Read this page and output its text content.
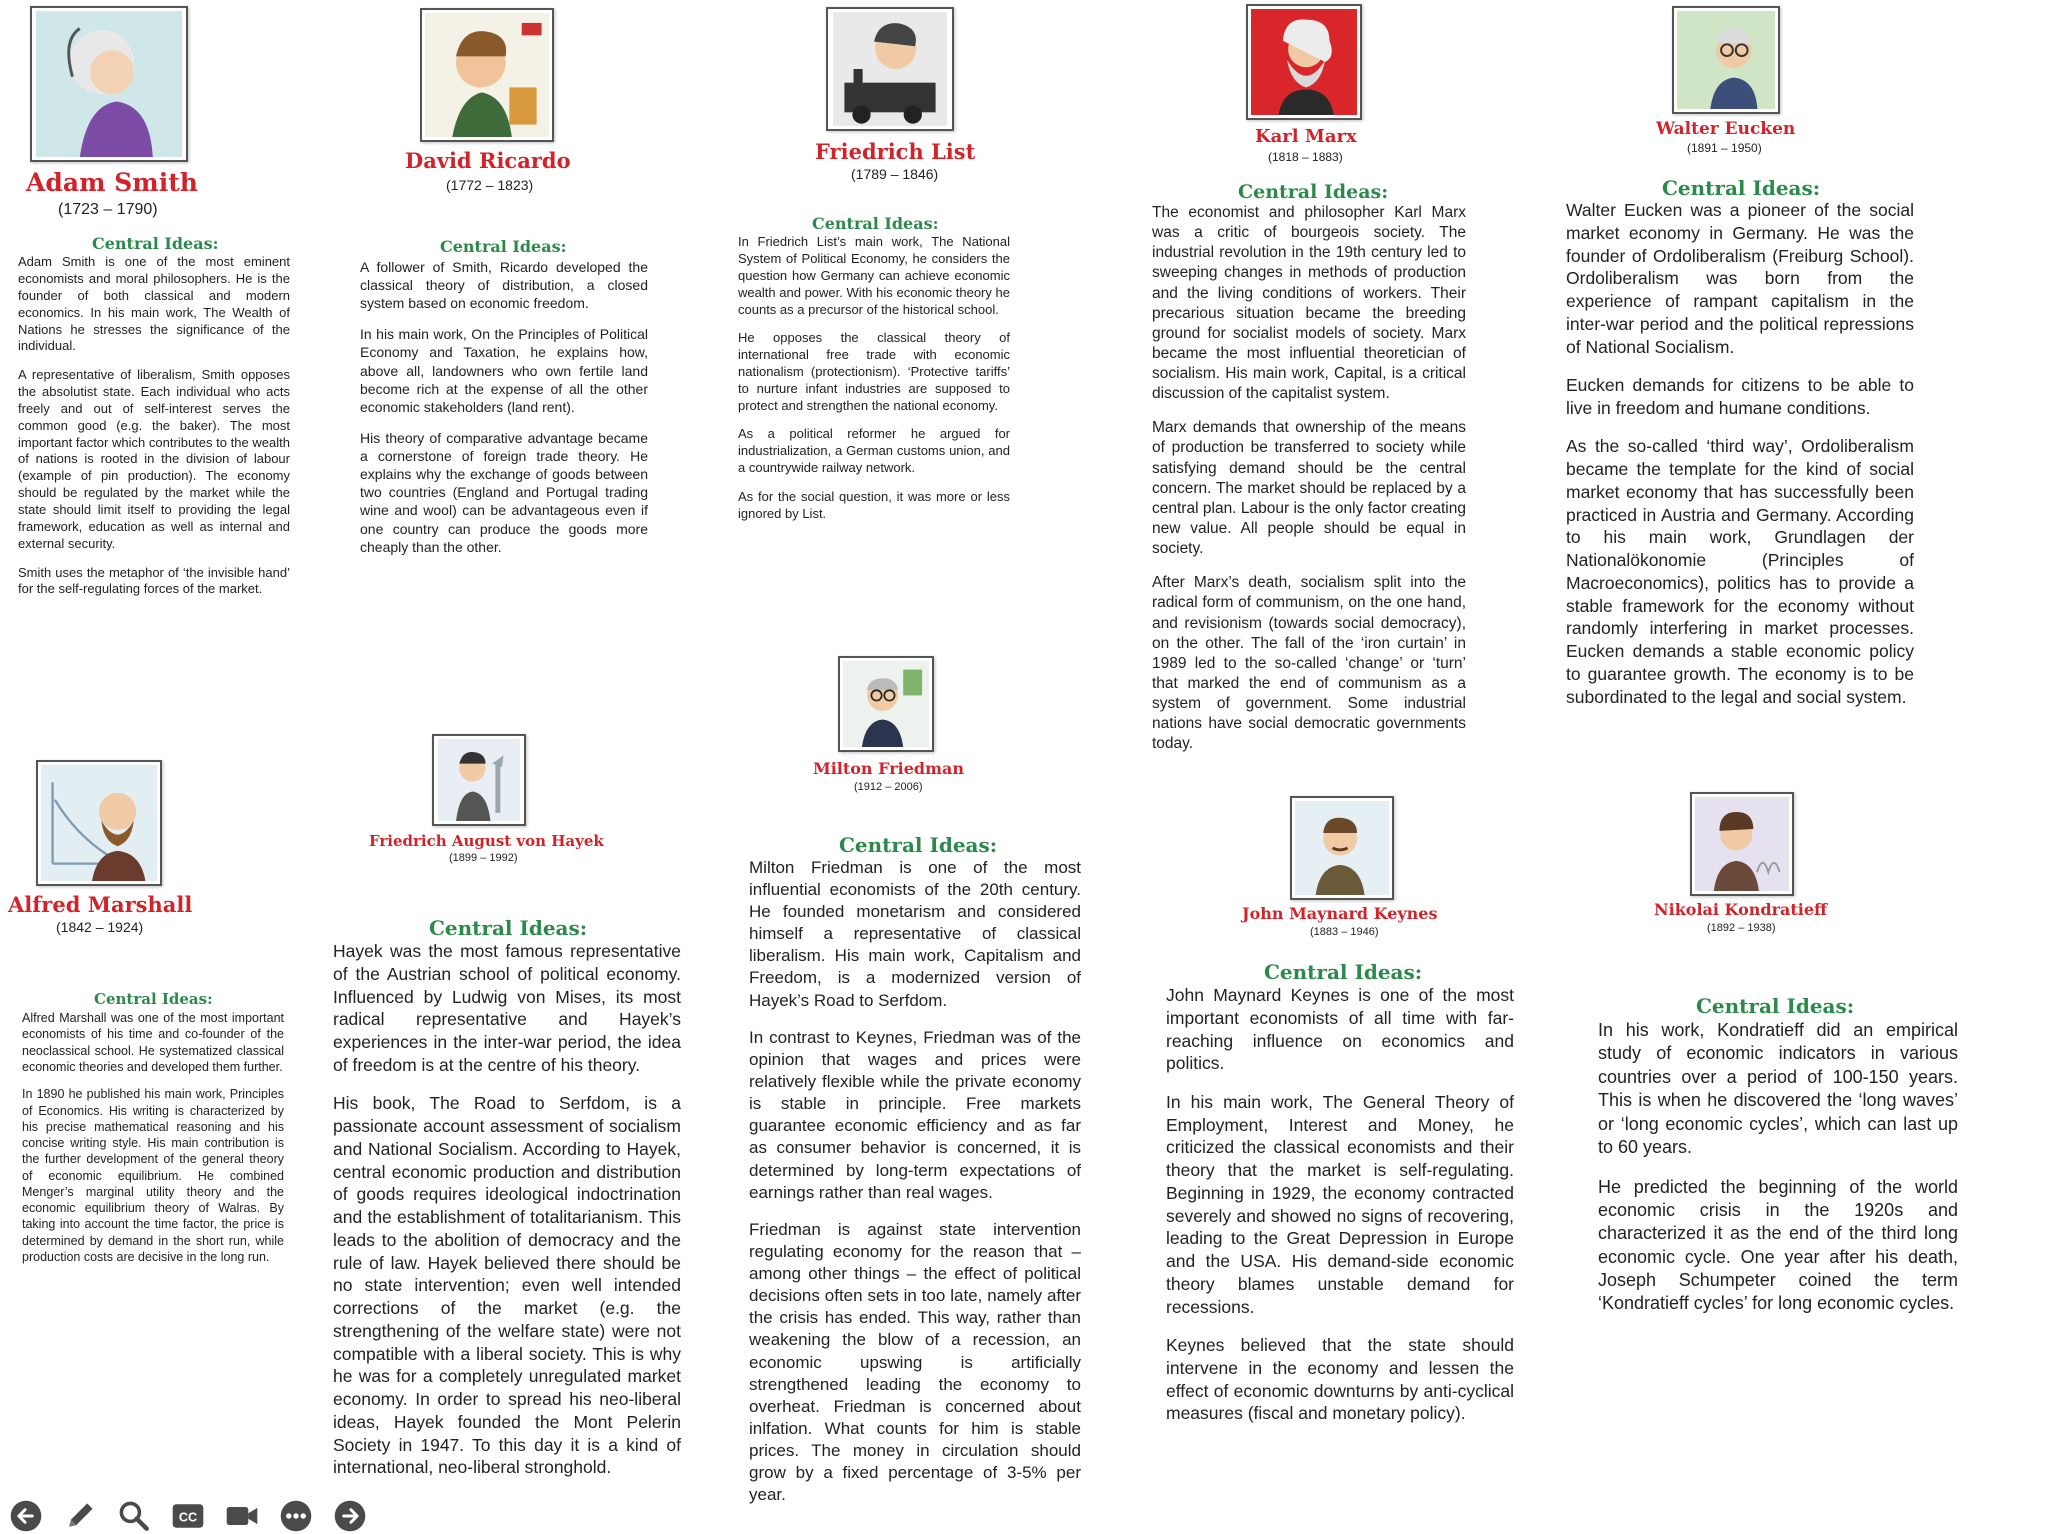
Adam Smith
(1723 – 1790)
Central Ideas:

Adam Smith is one of the most eminent economists and moral philosophers. He is the founder of both classical and modern economics. In his main work, The Wealth of Nations he stresses the significance of the individual.

A representative of liberalism, Smith opposes the absolutist state. Each individual who acts freely and out of self-interest serves the common good (e.g. the baker). The most important factor which contributes to the wealth of nations is rooted in the division of labour (example of pin production). The economy should be regulated by the market while the state should limit itself to providing the legal framework, education as well as internal and external security.

Smith uses the metaphor of ‘the invisible hand’ for the self-regulating forces of the market.

David Ricardo
(1772 – 1823)
Central Ideas:

A follower of Smith, Ricardo developed the classical theory of distribution, a closed system based on economic freedom.

In his main work, On the Principles of Political Economy and Taxation, he explains how, above all, landowners who own fertile land become rich at the expense of all the other economic stakeholders (land rent).

His theory of comparative advantage became a cornerstone of foreign trade theory. He explains why the exchange of goods between two countries (England and Portugal trading wine and wool) can be advantageous even if one country can produce the goods more cheaply than the other.

Friedrich List
(1789 – 1846)
Central Ideas:

In Friedrich List’s main work, The National System of Political Economy, he considers the question how Germany can achieve economic wealth and power. With his economic theory he counts as a precursor of the historical school.

He opposes the classical theory of international free trade with economic nationalism (protectionism). ‘Protective tariffs’ to nurture infant industries are supposed to protect and strengthen the national economy.

As a political reformer he argued for industrialization, a German customs union, and a countrywide railway network.

As for the social question, it was more or less ignored by List.

Karl Marx
(1818 – 1883)
Central Ideas:

The economist and philosopher Karl Marx was a critic of bourgeois society. The industrial revolution in the 19th century led to sweeping changes in methods of production and the living conditions of workers. Their precarious situation became the breeding ground for socialist models of society. Marx became the most influential theoretician of socialism. His main work, Capital, is a critical discussion of the capitalist system.

Marx demands that ownership of the means of production be transferred to society while satisfying demand should be the central concern. The market should be replaced by a central plan. Labour is the only factor creating new value. All people should be equal in society.

After Marx’s death, socialism split into the radical form of communism, on the one hand, and revisionism (towards social democracy), on the other. The fall of the ‘iron curtain’ in 1989 led to the so-called ‘change’ or ‘turn’ that marked the end of communism as a system of government. Some industrial nations have social democratic governments today.

Walter Eucken
(1891 – 1950)
Central Ideas:

Walter Eucken was a pioneer of the social market economy in Germany. He was the founder of Ordoliberalism (Freiburg School). Ordoliberalism was born from the experience of rampant capitalism in the inter-war period and the political repressions of National Socialism.

Eucken demands for citizens to be able to live in freedom and humane conditions.

As the so-called ‘third way’, Ordoliberalism became the template for the kind of social market economy that has successfully been practiced in Austria and Germany. According to his main work, Grundlagen der Nationalökonomie (Principles of Macroeconomics), politics has to provide a stable framework for the economy without randomly interfering in market processes. Eucken demands a stable economic policy to guarantee growth. The economy is to be subordinated to the legal and social system.

Alfred Marshall
(1842 – 1924)
Central Ideas:

Alfred Marshall was one of the most important economists of his time and co-founder of the neoclassical school. He systematized classical economic theories and developed them further.

In 1890 he published his main work, Principles of Economics. His writing is characterized by his precise mathematical reasoning and his concise writing style. His main contribution is the further development of the general theory of economic equilibrium. He combined Menger’s marginal utility theory and the economic equilibrium theory of Walras. By taking into account the time factor, the price is determined by demand in the short run, while production costs are decisive in the long run.

Friedrich August von Hayek
(1899 – 1992)
Central Ideas:

Hayek was the most famous representative of the Austrian school of political economy. Influenced by Ludwig von Mises, its most radical representative and Hayek’s experiences in the inter-war period, the idea of freedom is at the centre of his theory.

His book, The Road to Serfdom, is a passionate account assessment of socialism and National Socialism. According to Hayek, central economic production and distribution of goods requires ideological indoctrination and the establishment of totalitarianism. This leads to the abolition of democracy and the rule of law. Hayek believed there should be no state intervention; even well intended corrections of the market (e.g. the strengthening of the welfare state) were not compatible with a liberal society. This is why he was for a completely unregulated market economy. In order to spread his neo-liberal ideas, Hayek founded the Mont Pelerin Society in 1947. To this day it is a kind of international, neo-liberal stronghold.

Milton Friedman
(1912 – 2006)
Central Ideas:

Milton Friedman is one of the most influential economists of the 20th century. He founded monetarism and considered himself a representative of classical liberalism. His main work, Capitalism and Freedom, is a modernized version of Hayek’s Road to Serfdom.

In contrast to Keynes, Friedman was of the opinion that wages and prices were relatively flexible while the private economy is stable in principle. Free markets guarantee economic efficiency and as far as consumer behavior is concerned, it is determined by long-term expectations of earnings rather than real wages.

Friedman is against state intervention regulating economy for the reason that – among other things – the effect of political decisions often sets in too late, namely after the crisis has ended. This way, rather than weakening the blow of a recession, an economic upswing is artificially strengthened leading the economy to overheat. Friedman is concerned about inlfation. What counts for him is stable prices. The money in circulation should grow by a fixed percentage of 3-5% per year.

John Maynard Keynes
(1883 – 1946)
Central Ideas:

John Maynard Keynes is one of the most important economists of all time with far-reaching influence on economics and politics.

In his main work, The General Theory of Employment, Interest and Money, he criticized the classical economists and their theory that the market is self-regulating. Beginning in 1929, the economy contracted severely and showed no signs of recovering, leading to the Great Depression in Europe and the USA. His demand-side economic theory blames unstable demand for recessions.

Keynes believed that the state should intervene in the economy and lessen the effect of economic downturns by anti-cyclical measures (fiscal and monetary policy).

Nikolai Kondratieff
(1892 – 1938)
Central Ideas:

In his work, Kondratieff did an empirical study of economic indicators in various countries over a period of 100-150 years. This is when he discovered the ‘long waves’ or ‘long economic cycles’, which can last up to 60 years.

He predicted the beginning of the world economic crisis in the 1920s and characterized it as the end of the third long economic cycle. One year after his death, Joseph Schumpeter coined the term ‘Kondratieff cycles’ for long economic cycles.

CC
